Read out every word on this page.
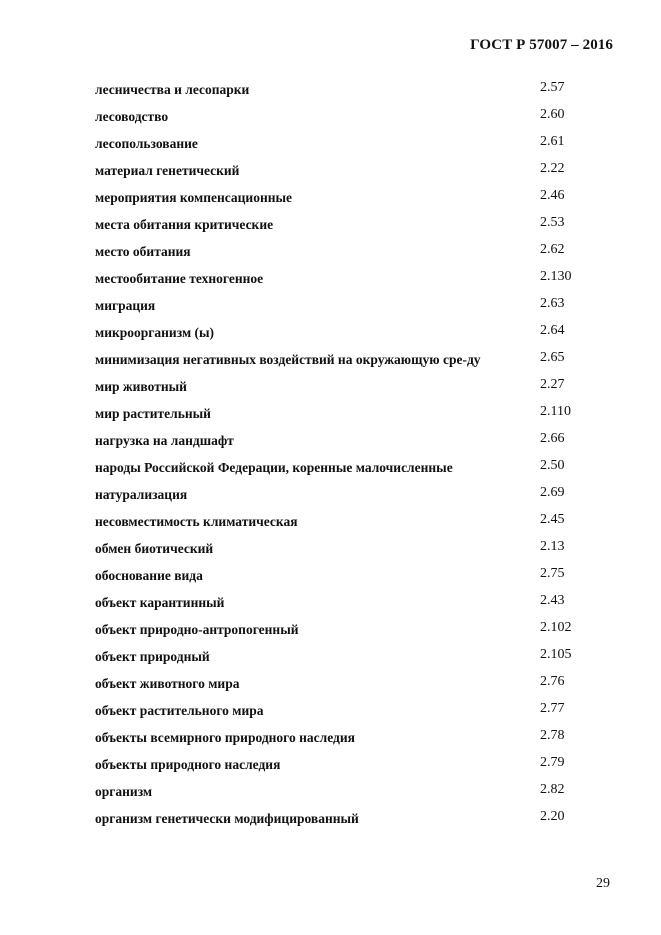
ГОСТ Р 57007 – 2016
лесничества и лесопарки	2.57
лесоводство	2.60
лесопользование	2.61
материал генетический	2.22
мероприятия компенсационные	2.46
места обитания критические	2.53
место обитания	2.62
местообитание техногенное	2.130
миграция	2.63
микроорганизм (ы)	2.64
минимизация негативных воздействий на окружающую сре-ду	2.65
мир животный	2.27
мир растительный	2.110
нагрузка на ландшафт	2.66
народы Российской Федерации, коренные малочисленные	2.50
натурализация	2.69
несовместимость климатическая	2.45
обмен биотический	2.13
обоснование вида	2.75
объект карантинный	2.43
объект природно-антропогенный	2.102
объект природный	2.105
объект животного мира	2.76
объект растительного мира	2.77
объекты всемирного природного наследия	2.78
объекты природного наследия	2.79
организм	2.82
организм генетически модифицированный	2.20
29
